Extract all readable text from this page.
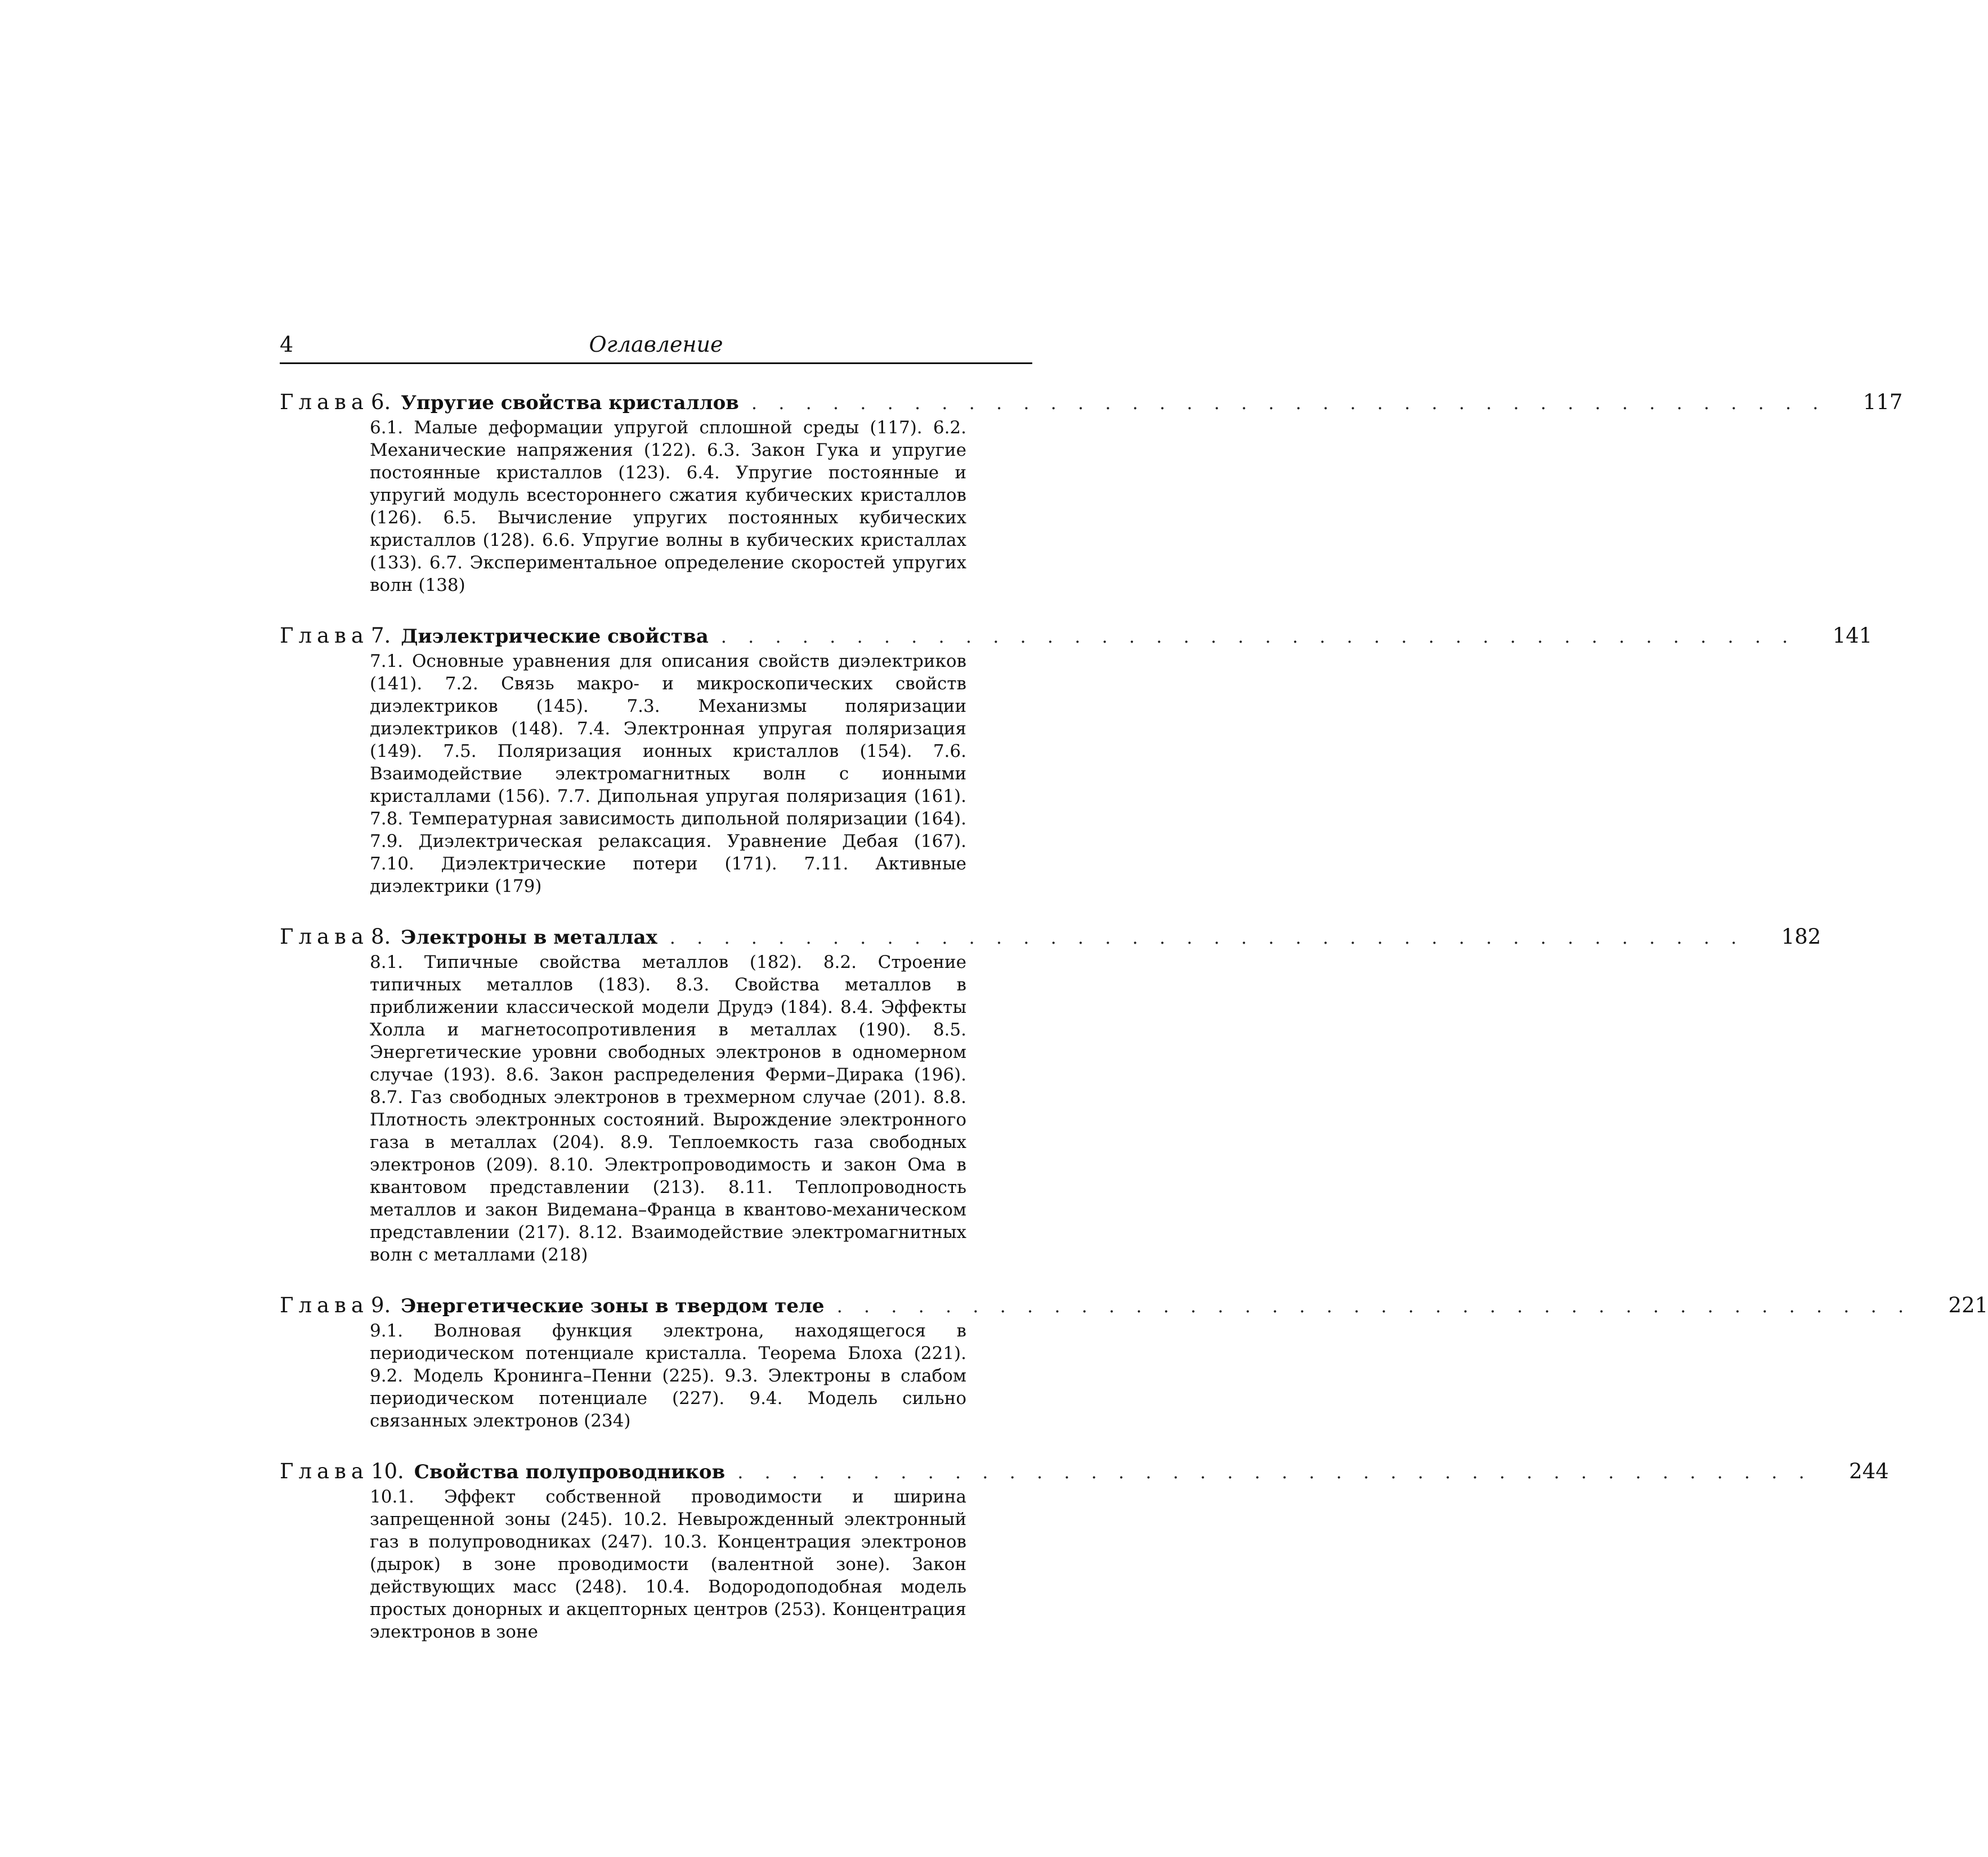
4	Оглавление
Глава 6. Упругие свойства кристаллов . . . . . . . . . . . . . . . . . . . . . . . . . . . . . . . . . . . . . . . .	117
6.1. Малые деформации упругой сплошной среды (117). 6.2. Механические напряжения (122). 6.3. Закон Гука и упругие постоянные кристаллов (123). 6.4. Упругие постоянные и упругий модуль всестороннего сжатия кубических кристаллов (126). 6.5. Вычисление упругих постоянных кубических кристаллов (128). 6.6. Упругие волны в кубических кристаллах (133). 6.7. Экспериментальное определение скоростей упругих волн (138)
Глава 7. Диэлектрические свойства . . . . . . . . . . . . . . . . . . . . . . . . . . . . . . . . . . . . . . . .	141
7.1. Основные уравнения для описания свойств диэлектриков (141). 7.2. Связь макро- и микроскопических свойств диэлектриков (145). 7.3. Механизмы поляризации диэлектриков (148). 7.4. Электронная упругая поляризация (149). 7.5. Поляризация ионных кристаллов (154). 7.6. Взаимодействие электромагнитных волн с ионными кристаллами (156). 7.7. Дипольная упругая поляризация (161). 7.8. Температурная зависимость дипольной поляризации (164). 7.9. Диэлектрическая релаксация. Уравнение Дебая (167). 7.10. Диэлектрические потери (171). 7.11. Активные диэлектрики (179)
Глава 8. Электроны в металлах . . . . . . . . . . . . . . . . . . . . . . . . . . . . . . . . . . . . . . . .	182
8.1. Типичные свойства металлов (182). 8.2. Строение типичных металлов (183). 8.3. Свойства металлов в приближении классической модели Друдэ (184). 8.4. Эффекты Холла и магнетосопротивления в металлах (190). 8.5. Энергетические уровни свободных электронов в одномерном случае (193). 8.6. Закон распределения Ферми–Дирака (196). 8.7. Газ свободных электронов в трехмерном случае (201). 8.8. Плотность электронных состояний. Вырождение электронного газа в металлах (204). 8.9. Теплоемкость газа свободных электронов (209). 8.10. Электропроводимость и закон Ома в квантовом представлении (213). 8.11. Теплопроводность металлов и закон Видемана–Франца в квантово-механическом представлении (217). 8.12. Взаимодействие электромагнитных волн с металлами (218)
Глава 9. Энергетические зоны в твердом теле . . . . . . . . . . . . . . . . . . . . . . . . . . . . . . . . . . . . . . . .	221
9.1. Волновая функция электрона, находящегося в периодическом потенциале кристалла. Теорема Блоха (221). 9.2. Модель Кронинга–Пенни (225). 9.3. Электроны в слабом периодическом потенциале (227). 9.4. Модель сильно связанных электронов (234)
Глава 10. Свойства полупроводников . . . . . . . . . . . . . . . . . . . . . . . . . . . . . . . . . . . . . . . .	244
10.1. Эффект собственной проводимости и ширина запрещенной зоны (245). 10.2. Невырожденный электронный газ в полупроводниках (247). 10.3. Концентрация электронов (дырок) в зоне проводимости (валентной зоне). Закон действующих масс (248). 10.4. Водородоподобная модель простых донорных и акцепторных центров (253). Концентрация электронов в зоне
